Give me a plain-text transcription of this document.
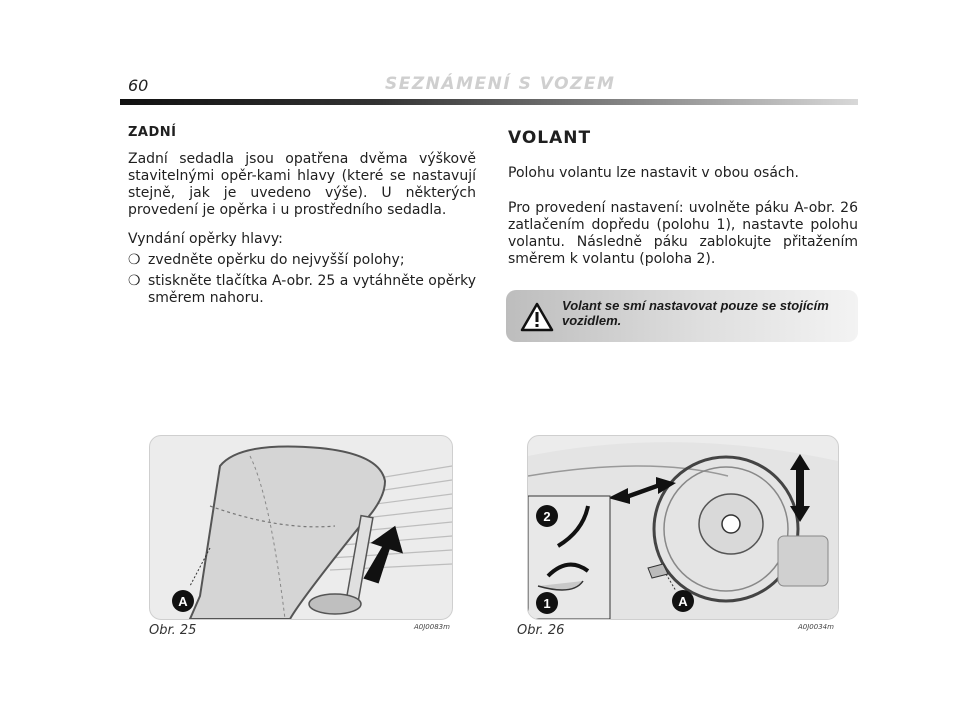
60	SEZNÁMENÍ S VOZEM
ZADNÍ

Zadní sedadla jsou opatřena dvěma výškově stavitelnými opěr-kami hlavy (které se nastavují stejně, jak je uvedeno výše). U některých provedení je opěrka i u prostředního sedadla.

Vyndání opěrky hlavy:

❍ zvedněte opěrku do nejvyšší polohy;
❍ stiskněte tlačítka A-obr. 25 a vytáhněte opěrky směrem nahoru.
VOLANT

Polohu volantu lze nastavit v obou osách.

Pro provedení nastavení: uvolněte páku A-obr. 26 zatlačením dopředu (polohu 1), nastavte polohu volantu. Následně páku zablokujte přitažením směrem k volantu (poloha 2).

Volant se smí nastavovat pouze se stojícím vozidlem.
A
Obr. 25	A0J0083m
2
1	A
Obr. 26	A0J0034m
